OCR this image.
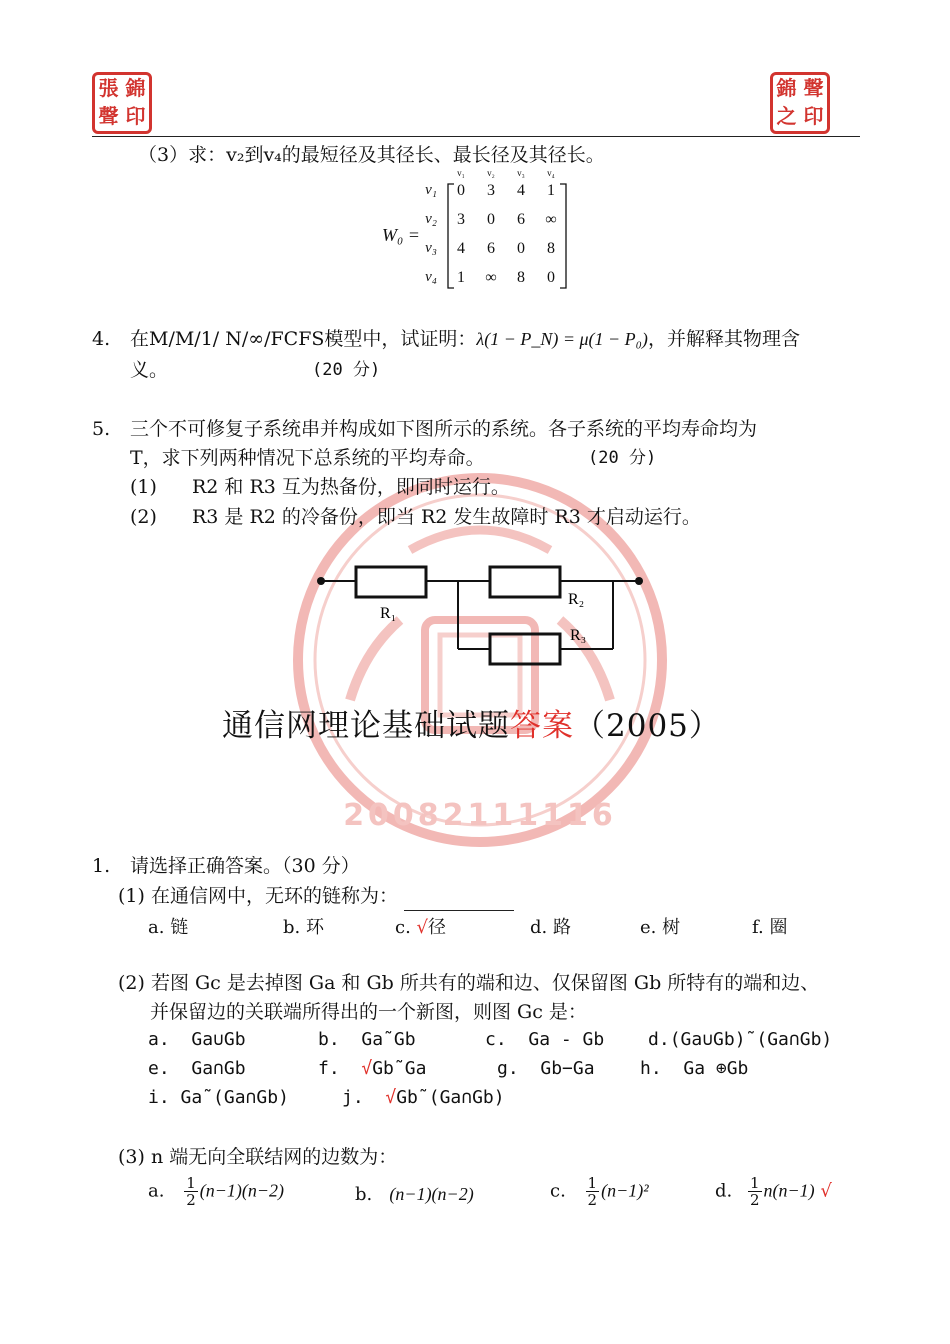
20082111116
張 錦
聲 印
錦 聲
之 印
（3）求：v₂到v₄的最短径及其径长、最长径及其径长。
W₀ =
v₁	v₂	v₃	v₄
v₁
v₂
v₃
v₄
0	3	4	1
3	0	6	∞
4	6	0	8
1	∞	8	0
4. 在M/M/1/ N/∞/FCFS模型中，试证明：λ(1 − P_N) = μ(1 − P₀)，并解释其物理含
义。	(20 分)
5. 三个不可修复子系统串并构成如下图所示的系统。各子系统的平均寿命均为
T，求下列两种情况下总系统的平均寿命。	(20 分)
(1) R2 和 R3 互为热备份，即同时运行。
(2) R3 是 R2 的冷备份，即当 R2 发生故障时 R3 才启动运行。
R₁
R₂
R₃
通信网理论基础试题答案（2005）
1. 请选择正确答案。（30 分）
(1) 在通信网中，无环的链称为：
a. 链	b. 环	c. √径	d. 路	e. 树	f. 圈
(2) 若图 Gc 是去掉图 Ga 和 Gb 所共有的端和边、仅保留图 Gb 所特有的端和边、
并保留边的关联端所得出的一个新图，则图 Gc 是：
a. Ga∪Gb	b. Ga˜Gb	c. Ga - Gb d.(Ga∪Gb)˜(Ga∩Gb)
e. Ga∩Gb	f. √Gb˜Ga	g. Gb−Ga	h. Ga ⊕Gb
i. Ga˜(Ga∩Gb)	j. √Gb˜(Ga∩Gb)
(3) n 端无向全联结网的边数为：
a. $\frac{1}{2} (n-1)(n-2)$	b. (n−1)(n−2)	c. $\frac{1}{2} (n-1)^2$	d. $\frac{1}{2} n(n-1)$ √
